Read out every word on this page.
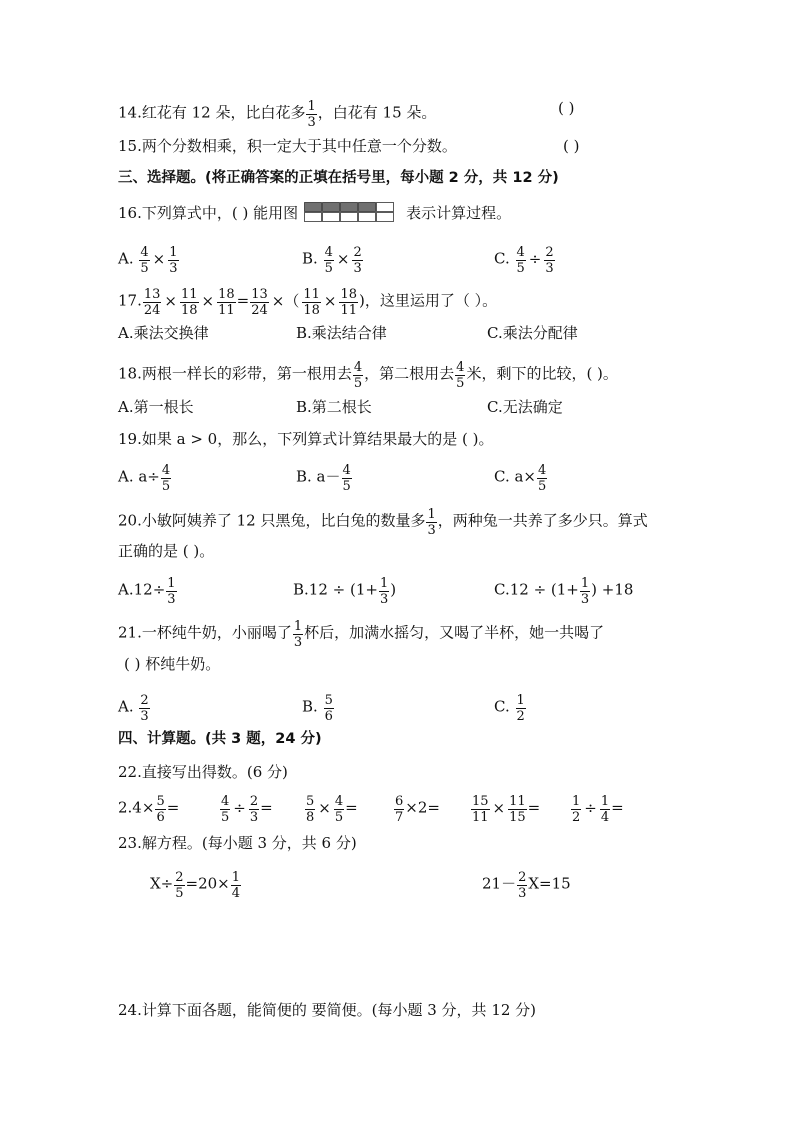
14.红花有 12 朵，比白花多 $\frac{1}{3}$ ，白花有 15 朵。	( )
15.两个分数相乘，积一定大于其中任意一个分数。	( )
三、选择题。(将正确答案的正填在括号里，每小题 2 分，共 12 分)
16.下列算式中，( ) 能用图	表示计算过程。
A. $\frac{4}{5} \times \frac{1}{3}$	B. $\frac{4}{5} \times \frac{2}{3}$	C. $\frac{4}{5} \div \frac{2}{3}$
17. $\frac{13}{24} \times \frac{11}{18} \times \frac{18}{11} = \frac{13}{24}$ ×（ $\frac{11}{18} \times \frac{18}{11}$ )，这里运用了（ ）。
A.乘法交换律	B.乘法结合律	C.乘法分配律
18.两根一样长的彩带，第一根用去 $\frac{4}{5}$ ，第二根用去 $\frac{4}{5}$ 米，剩下的比较，( )。
A.第一根长	B.第二根长	C.无法确定
19.如果 a > 0，那么，下列算式计算结果最大的是 ( )。
A. $a\div \frac{4}{5}$	B. $a- \frac{4}{5}$	C. $a\times \frac{4}{5}$
20.小敏阿姨养了 12 只黑兔，比白兔的数量多 $\frac{1}{3}$ ，两种兔一共养了多少只。算式
正确的是 ( )。
$A.12\div \frac{1}{3}$	$B.12 \div (1+ \frac{1}{3}$ )	$C.12 \div (1+ \frac{1}{3}$ ) +18
21.一杯纯牛奶，小丽喝了 $\frac{1}{3}$ 杯后，加满水摇匀，又喝了半杯，她一共喝了
( ) 杯纯牛奶。
A. $\frac{2}{3}$	B. $\frac{5}{6}$	C. $\frac{1}{2}$
四、计算题。(共 3 题，24 分)
22.直接写出得数。(6 分)
$2.4\times \frac{5}{6}$ =	$\frac{4}{5} \div \frac{2}{3} = \frac{5}{8} \times \frac{4}{5}$ =	$\frac{6}{7} \times 2= \frac{15}{11} \times \frac{11}{15} = \frac{1}{2} \div \frac{1}{4}$ =
23.解方程。(每小题 3 分，共 6 分)
$X\div \frac{2}{5} =20\times \frac{1}{4}$	$21- \frac{2}{3} X=15$
24.计算下面各题，能简便的 要简便。(每小题 3 分，共 12 分)
